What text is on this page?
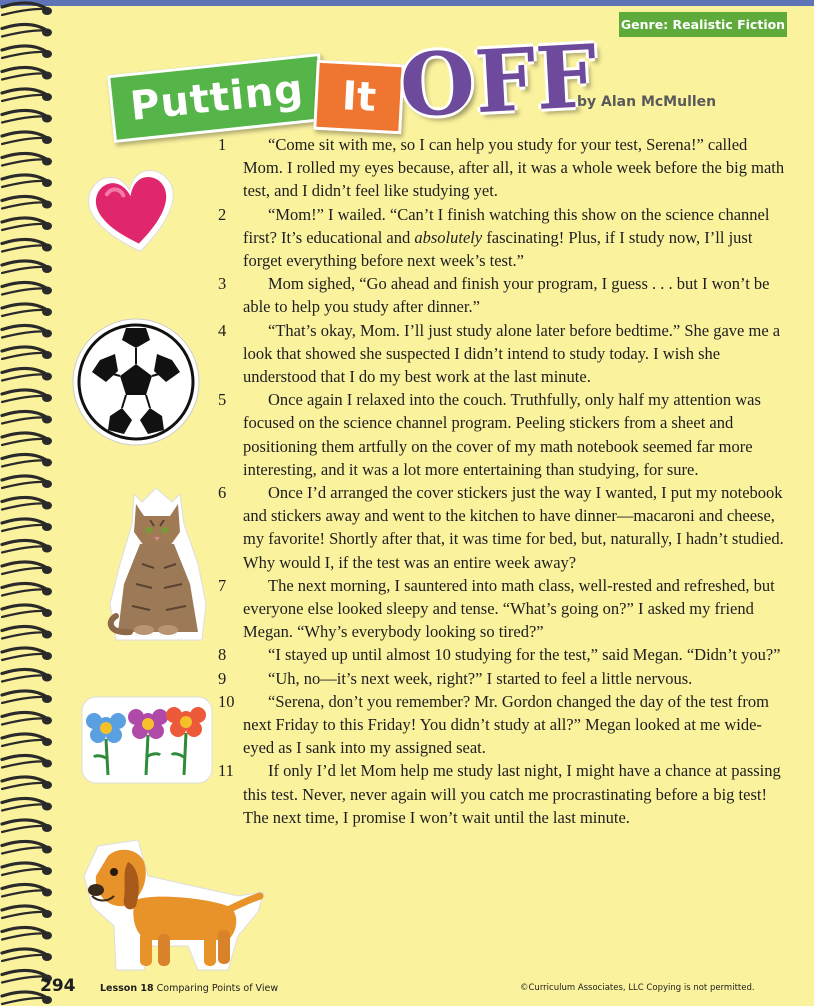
Genre: Realistic Fiction
Putting It OFF
by Alan McMullen
1	“Come sit with me, so I can help you study for your test, Serena!” called Mom. I rolled my eyes because, after all, it was a whole week before the big math test, and I didn’t feel like studying yet.
2	“Mom!” I wailed. “Can’t I finish watching this show on the science channel first? It’s educational and absolutely fascinating! Plus, if I study now, I’ll just forget everything before next week’s test.”
3	Mom sighed, “Go ahead and finish your program, I guess . . . but I won’t be able to help you study after dinner.”
4	“That’s okay, Mom. I’ll just study alone later before bedtime.” She gave me a look that showed she suspected I didn’t intend to study today. I wish she understood that I do my best work at the last minute.
5	Once again I relaxed into the couch. Truthfully, only half my attention was focused on the science channel program. Peeling stickers from a sheet and positioning them artfully on the cover of my math notebook seemed far more interesting, and it was a lot more entertaining than studying, for sure.
6	Once I’d arranged the cover stickers just the way I wanted, I put my notebook and stickers away and went to the kitchen to have dinner—macaroni and cheese, my favorite! Shortly after that, it was time for bed, but, naturally, I hadn’t studied. Why would I, if the test was an entire week away?
7	The next morning, I sauntered into math class, well-rested and refreshed, but everyone else looked sleepy and tense. “What’s going on?” I asked my friend Megan. “Why’s everybody looking so tired?”
8	“I stayed up until almost 10 studying for the test,” said Megan. “Didn’t you?”
9	“Uh, no—it’s next week, right?” I started to feel a little nervous.
10	“Serena, don’t you remember? Mr. Gordon changed the day of the test from next Friday to this Friday! You didn’t study at all?” Megan looked at me wide-eyed as I sank into my assigned seat.
11	If only I’d let Mom help me study last night, I might have a chance at passing this test. Never, never again will you catch me procrastinating before a big test! The next time, I promise I won’t wait until the last minute.
294	Lesson 18 Comparing Points of View	©Curriculum Associates, LLC Copying is not permitted.
